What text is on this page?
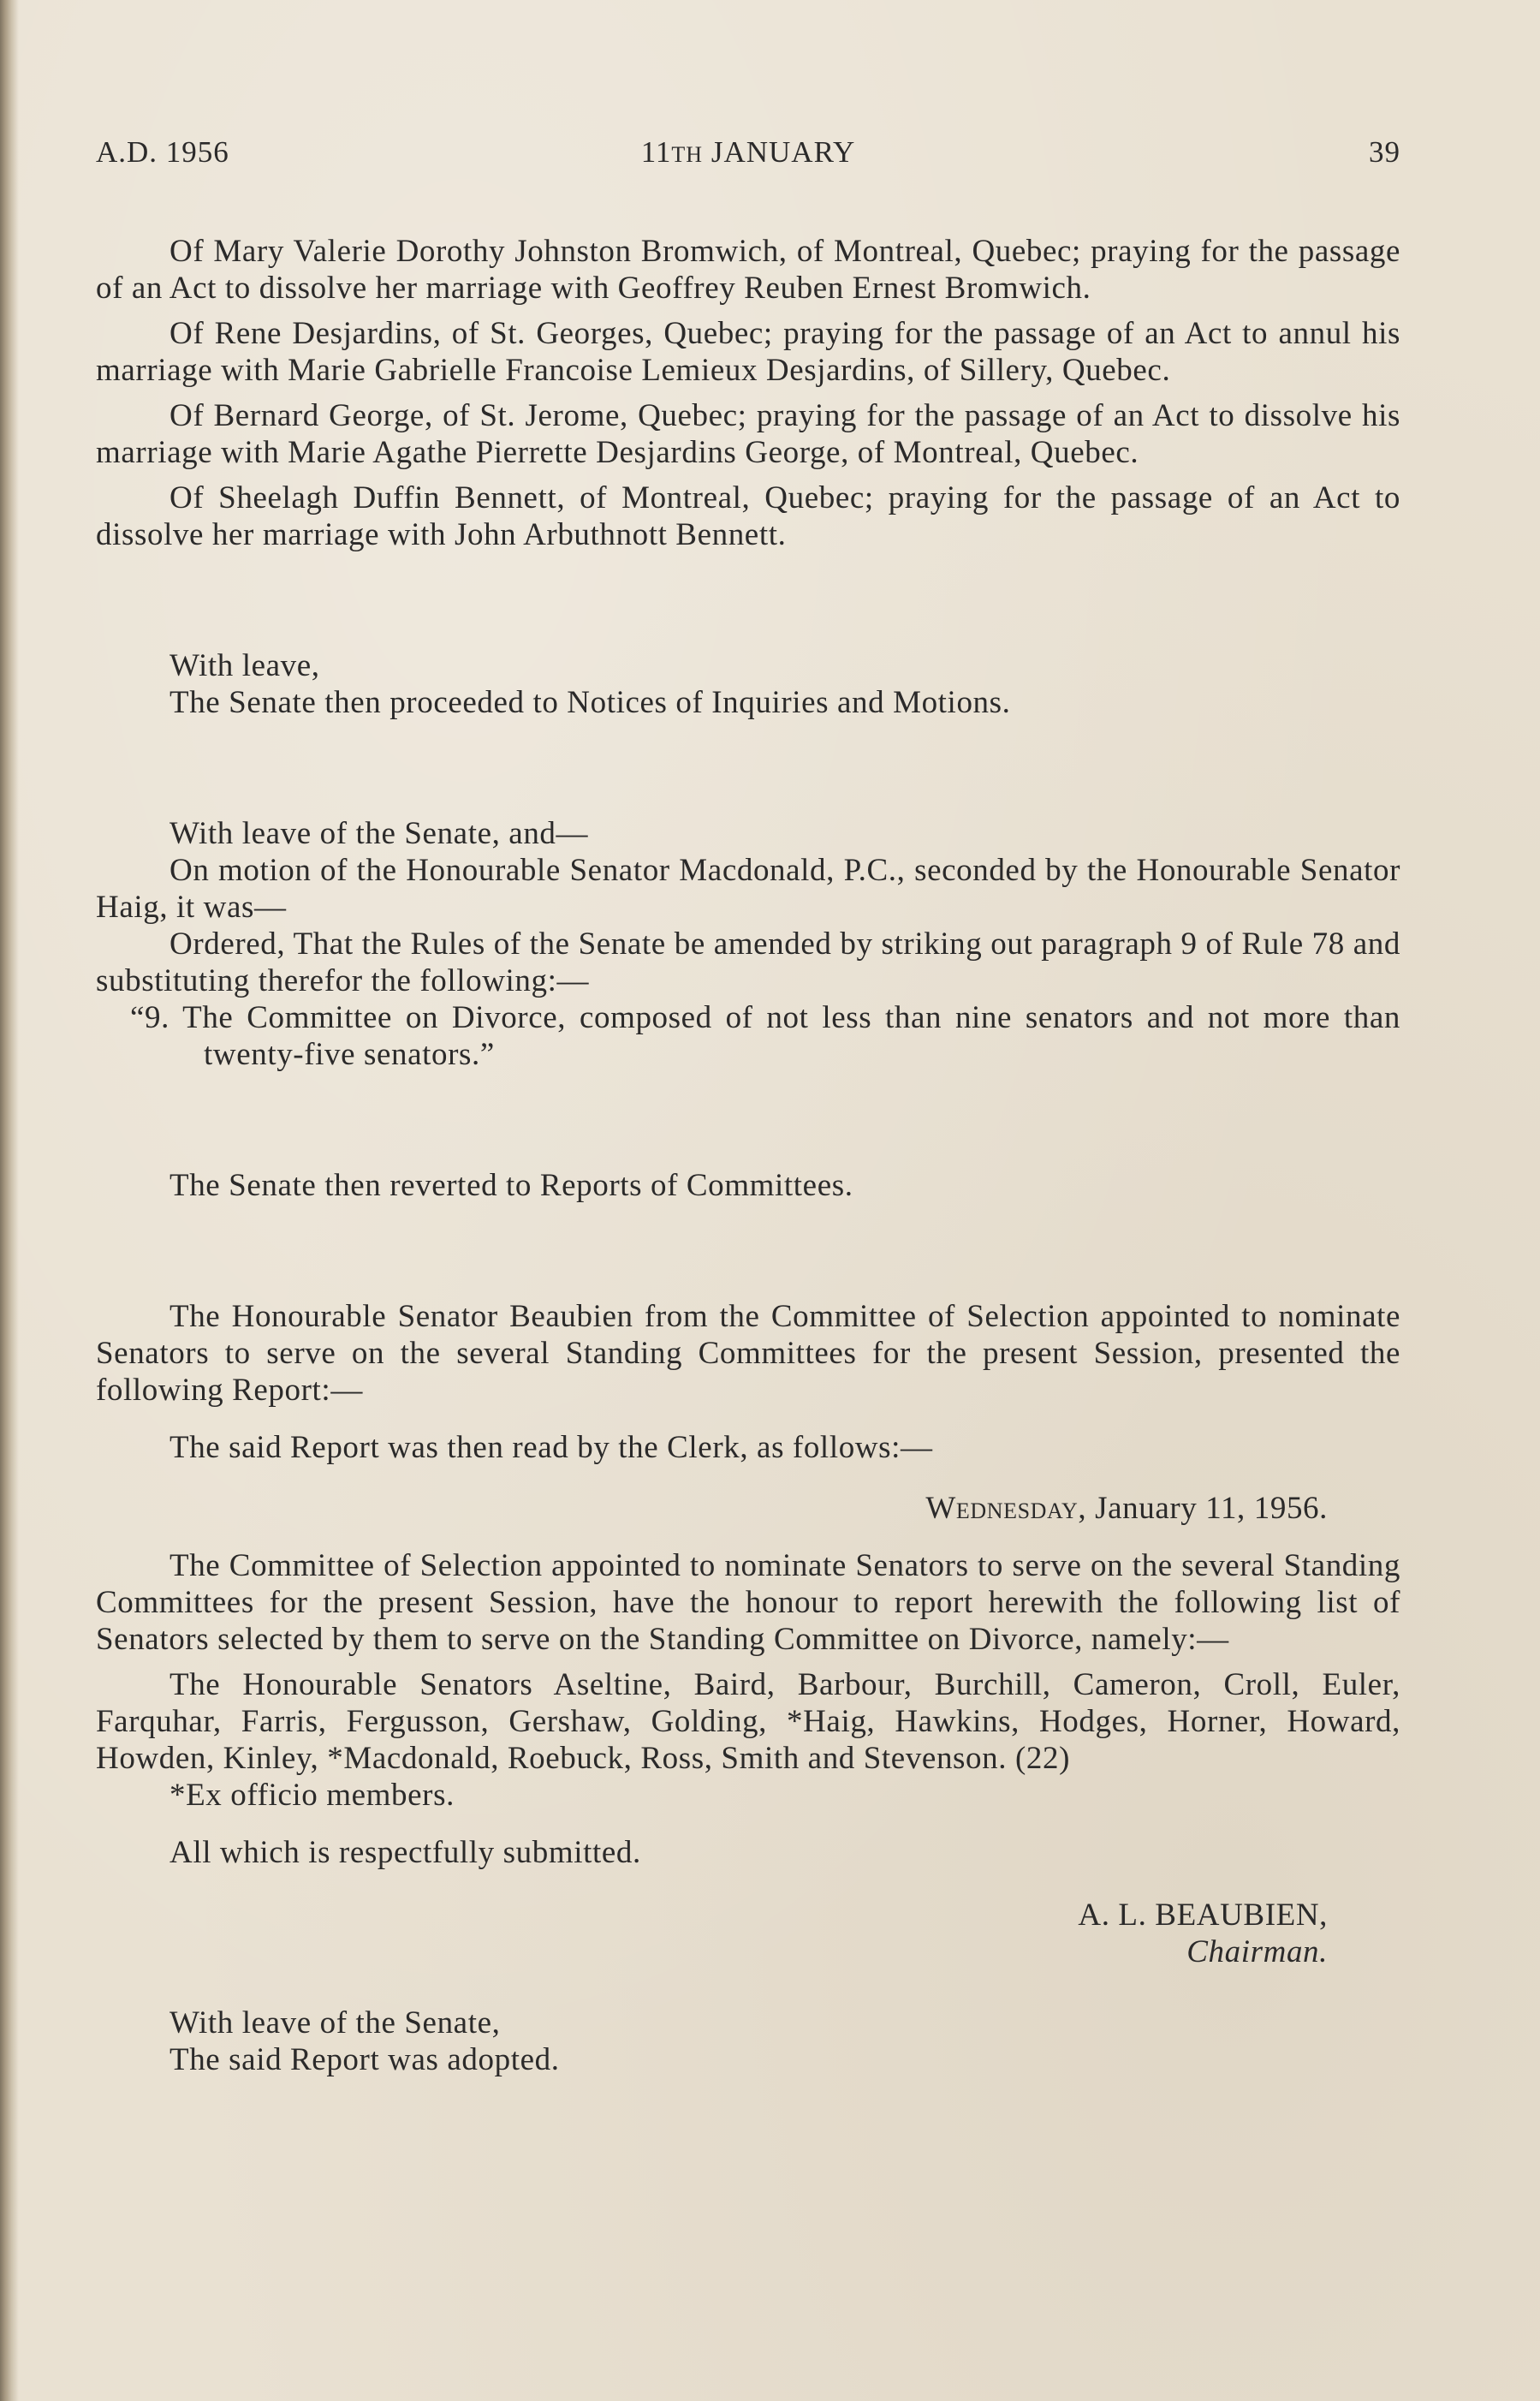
A.D. 1956	11TH JANUARY	39

Of Mary Valerie Dorothy Johnston Bromwich, of Montreal, Quebec; praying for the passage of an Act to dissolve her marriage with Geoffrey Reuben Ernest Bromwich.

Of Rene Desjardins, of St. Georges, Quebec; praying for the passage of an Act to annul his marriage with Marie Gabrielle Francoise Lemieux Desjardins, of Sillery, Quebec.

Of Bernard George, of St. Jerome, Quebec; praying for the passage of an Act to dissolve his marriage with Marie Agathe Pierrette Desjardins George, of Montreal, Quebec.

Of Sheelagh Duffin Bennett, of Montreal, Quebec; praying for the passage of an Act to dissolve her marriage with John Arbuthnott Bennett.

With leave,

The Senate then proceeded to Notices of Inquiries and Motions.

With leave of the Senate, and—

On motion of the Honourable Senator Macdonald, P.C., seconded by the Honourable Senator Haig, it was—

Ordered, That the Rules of the Senate be amended by striking out paragraph 9 of Rule 78 and substituting therefor the following:—

“9. The Committee on Divorce, composed of not less than nine senators and not more than twenty-five senators.”

The Senate then reverted to Reports of Committees.

The Honourable Senator Beaubien from the Committee of Selection appointed to nominate Senators to serve on the several Standing Committees for the present Session, presented the following Report:—

The said Report was then read by the Clerk, as follows:—

Wednesday, January 11, 1956.

The Committee of Selection appointed to nominate Senators to serve on the several Standing Committees for the present Session, have the honour to report herewith the following list of Senators selected by them to serve on the Standing Committee on Divorce, namely:—

The Honourable Senators Aseltine, Baird, Barbour, Burchill, Cameron, Croll, Euler, Farquhar, Farris, Fergusson, Gershaw, Golding, *Haig, Hawkins, Hodges, Horner, Howard, Howden, Kinley, *Macdonald, Roebuck, Ross, Smith and Stevenson. (22)

*Ex officio members.

All which is respectfully submitted.

A. L. BEAUBIEN,

Chairman.

With leave of the Senate,

The said Report was adopted.
